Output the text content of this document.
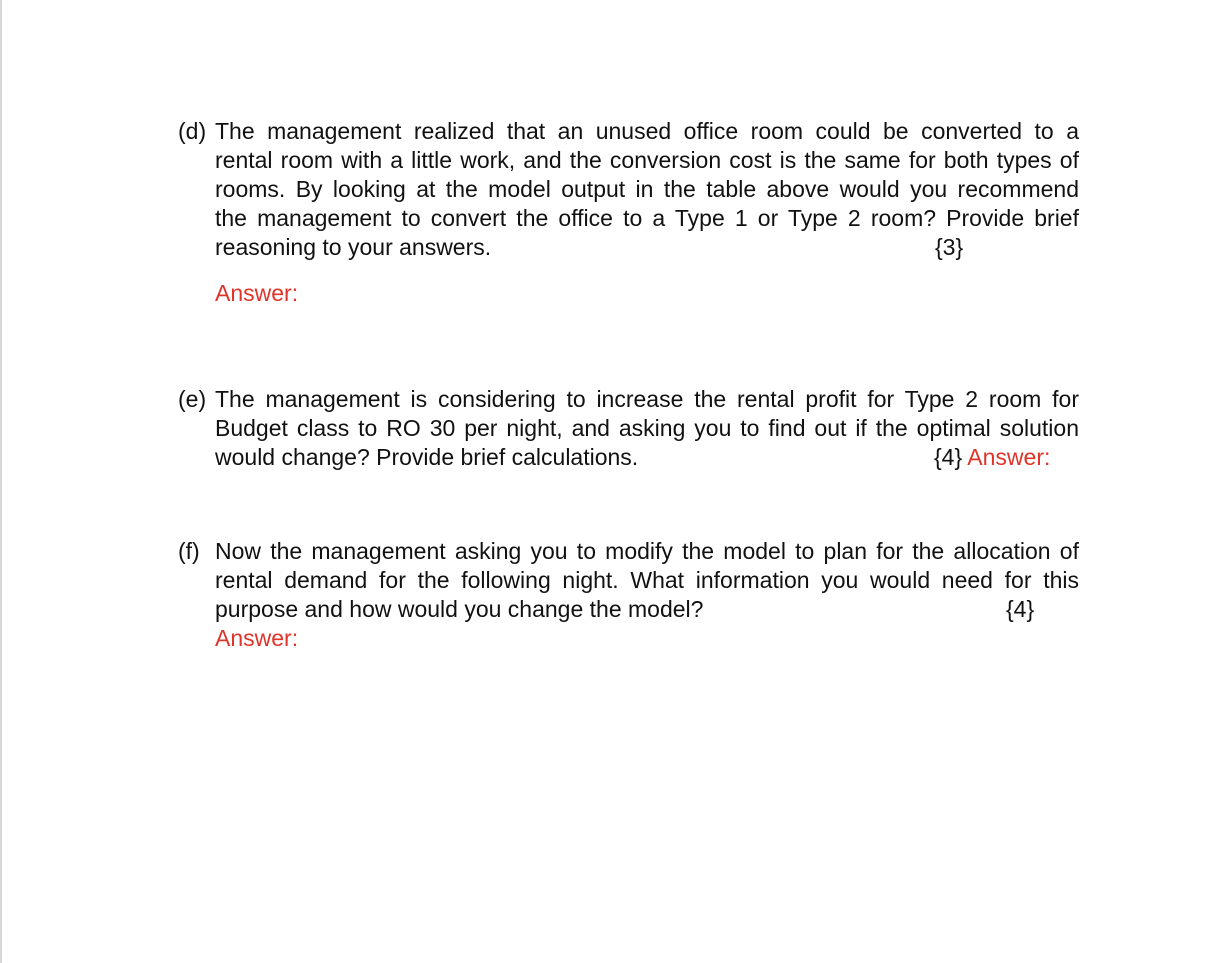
(d) The management realized that an unused office room could be converted to a
rental room with a little work, and the conversion cost is the same for both types of
rooms. By looking at the model output in the table above would you recommend
the management to convert the office to a Type 1 or Type 2 room? Provide brief
reasoning to your answers.	{3}
Answer:
(e) The management is considering to increase the rental profit for Type 2 room for
Budget class to RO 30 per night, and asking you to find out if the optimal solution
would change? Provide brief calculations.	{4} Answer:
(f) Now the management asking you to modify the model to plan for the allocation of
rental demand for the following night. What information you would need for this
purpose and how would you change the model?	{4}
Answer:
